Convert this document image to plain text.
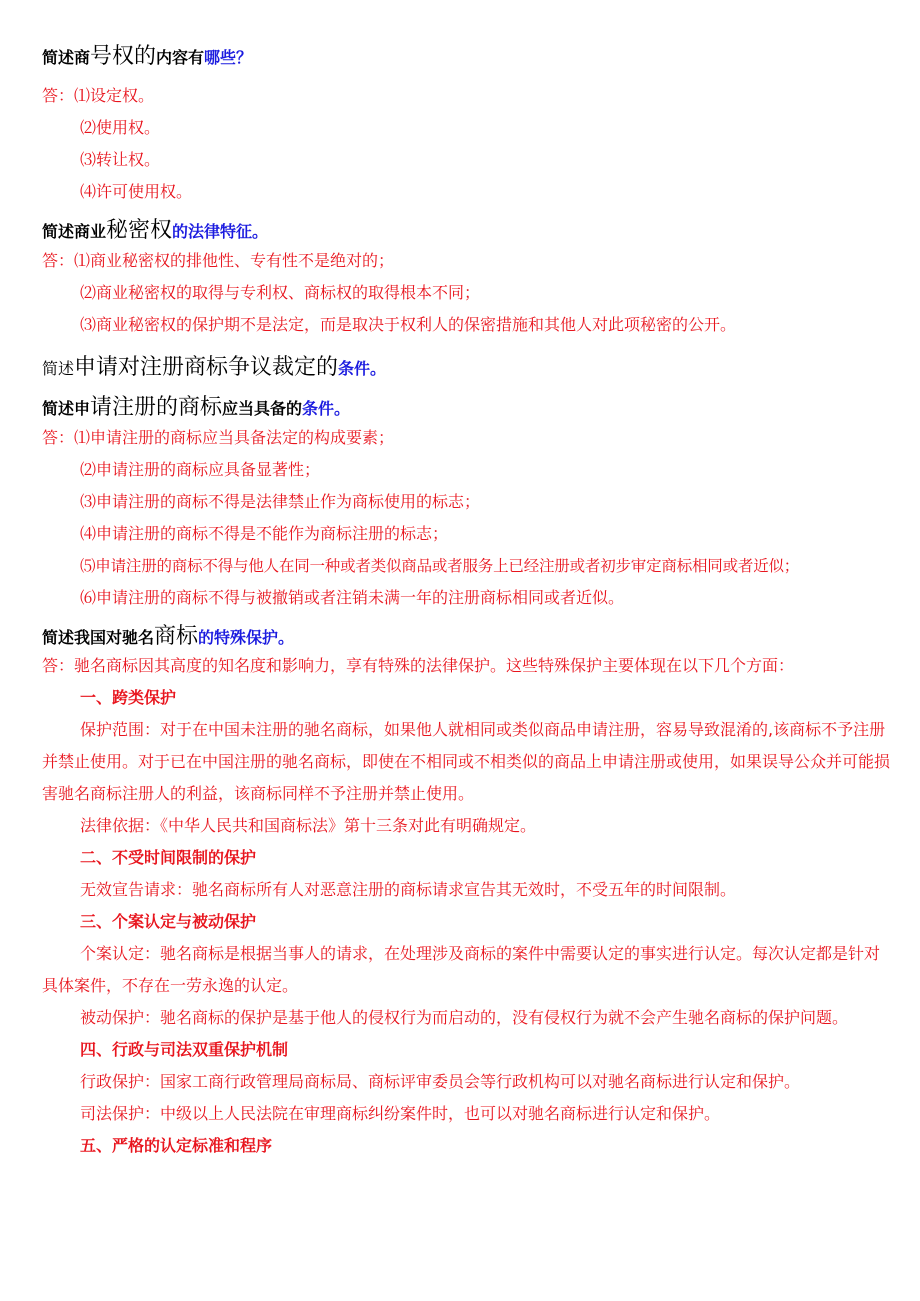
简述商号权的内容有哪些？
答：⑴设定权。
⑵使用权。
⑶转让权。
⑷许可使用权。
简述商业秘密权的法律特征。
答：⑴商业秘密权的排他性、专有性不是绝对的；
⑵商业秘密权的取得与专利权、商标权的取得根本不同；
⑶商业秘密权的保护期不是法定，而是取决于权利人的保密措施和其他人对此项秘密的公开。
简述申请对注册商标争议裁定的条件。
简述申请注册的商标应当具备的条件。
答：⑴申请注册的商标应当具备法定的构成要素；
⑵申请注册的商标应具备显著性；
⑶申请注册的商标不得是法律禁止作为商标使用的标志；
⑷申请注册的商标不得是不能作为商标注册的标志；
⑸申请注册的商标不得与他人在同一种或者类似商品或者服务上已经注册或者初步审定商标相同或者近似；
⑹申请注册的商标不得与被撤销或者注销未满一年的注册商标相同或者近似。
简述我国对驰名商标的特殊保护。
答：驰名商标因其高度的知名度和影响力，享有特殊的法律保护。这些特殊保护主要体现在以下几个方面：
一、跨类保护
保护范围：对于在中国未注册的驰名商标，如果他人就相同或类似商品申请注册，容易导致混淆的,该商标不予注册并禁止使用。对于已在中国注册的驰名商标，即使在不相同或不相类似的商品上申请注册或使用，如果误导公众并可能损害驰名商标注册人的利益，该商标同样不予注册并禁止使用。
法律依据：《中华人民共和国商标法》第十三条对此有明确规定。
二、不受时间限制的保护
无效宣告请求：驰名商标所有人对恶意注册的商标请求宣告其无效时，不受五年的时间限制。
三、个案认定与被动保护
个案认定：驰名商标是根据当事人的请求，在处理涉及商标的案件中需要认定的事实进行认定。每次认定都是针对具体案件，不存在一劳永逸的认定。
被动保护：驰名商标的保护是基于他人的侵权行为而启动的，没有侵权行为就不会产生驰名商标的保护问题。
四、行政与司法双重保护机制
行政保护：国家工商行政管理局商标局、商标评审委员会等行政机构可以对驰名商标进行认定和保护。
司法保护：中级以上人民法院在审理商标纠纷案件时，也可以对驰名商标进行认定和保护。
五、严格的认定标准和程序
